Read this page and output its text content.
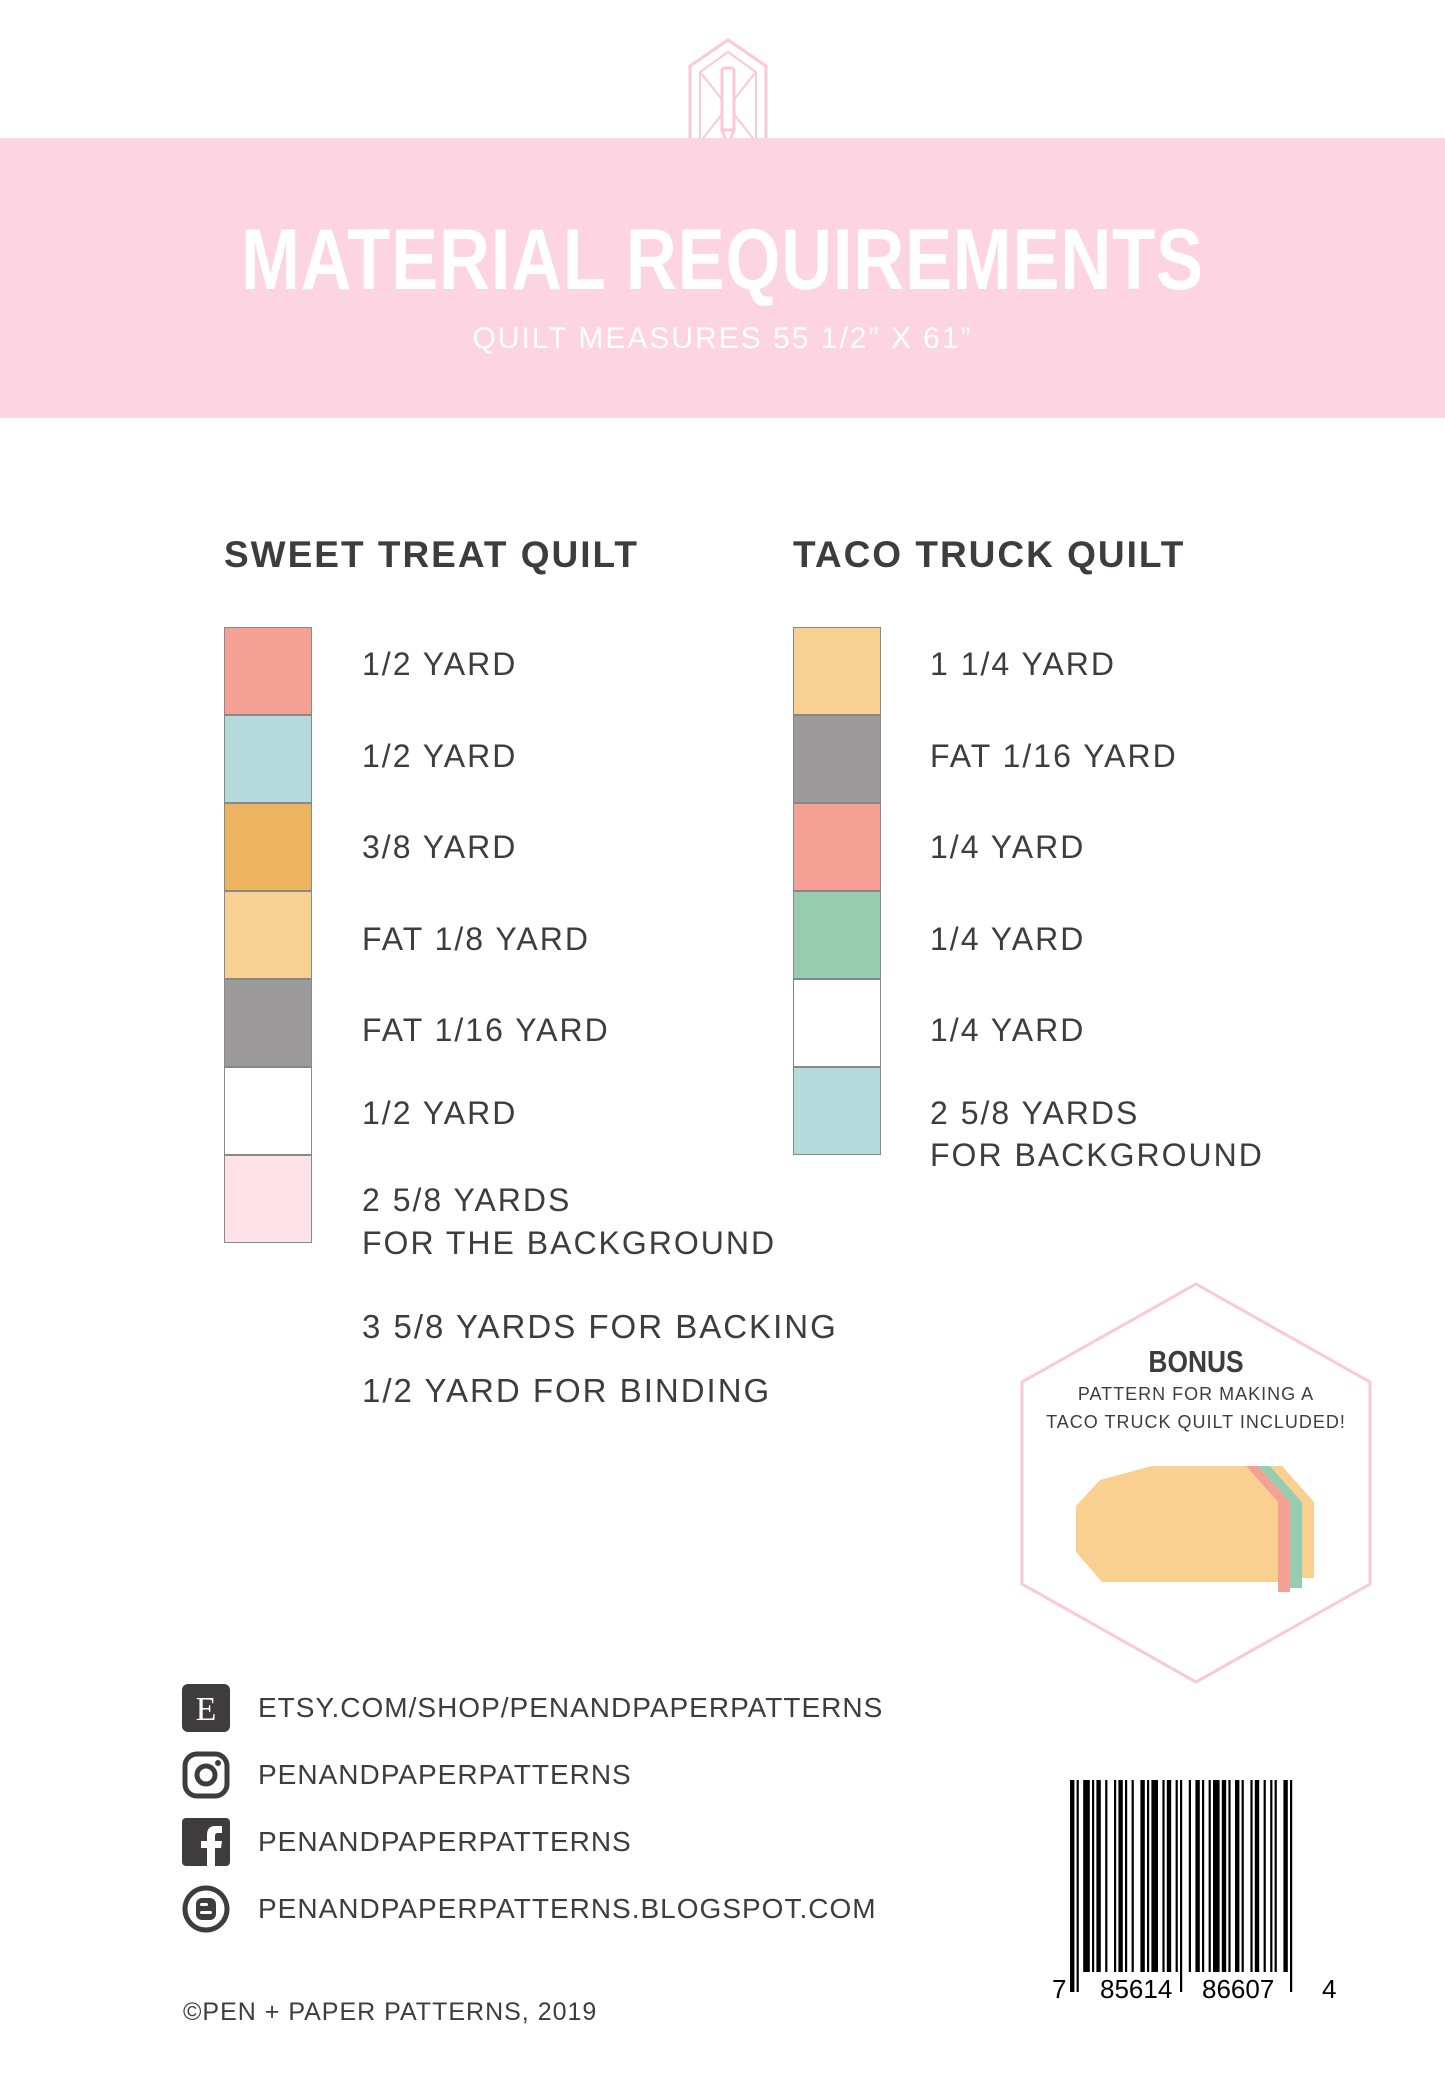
MATERIAL REQUIREMENTS
QUILT MEASURES 55 1/2” X 61”
SWEET TREAT QUILT
1/2 YARD
1/2 YARD
3/8 YARD
FAT 1/8 YARD
FAT 1/16 YARD
1/2 YARD
2 5/8 YARDS
FOR THE BACKGROUND
3 5/8 YARDS FOR BACKING
1/2 YARD FOR BINDING
TACO TRUCK QUILT
1 1/4 YARD
FAT 1/16 YARD
1/4 YARD
1/4 YARD
1/4 YARD
2 5/8 YARDS
FOR BACKGROUND
BONUS
PATTERN FOR MAKING A
TACO TRUCK QUILT INCLUDED!
E ETSY.COM/SHOP/PENANDPAPERPATTERNS
PENANDPAPERPATTERNS
PENANDPAPERPATTERNS
PENANDPAPERPATTERNS.BLOGSPOT.COM
©PEN + PAPER PATTERNS, 2019
7 85614 86607 4
